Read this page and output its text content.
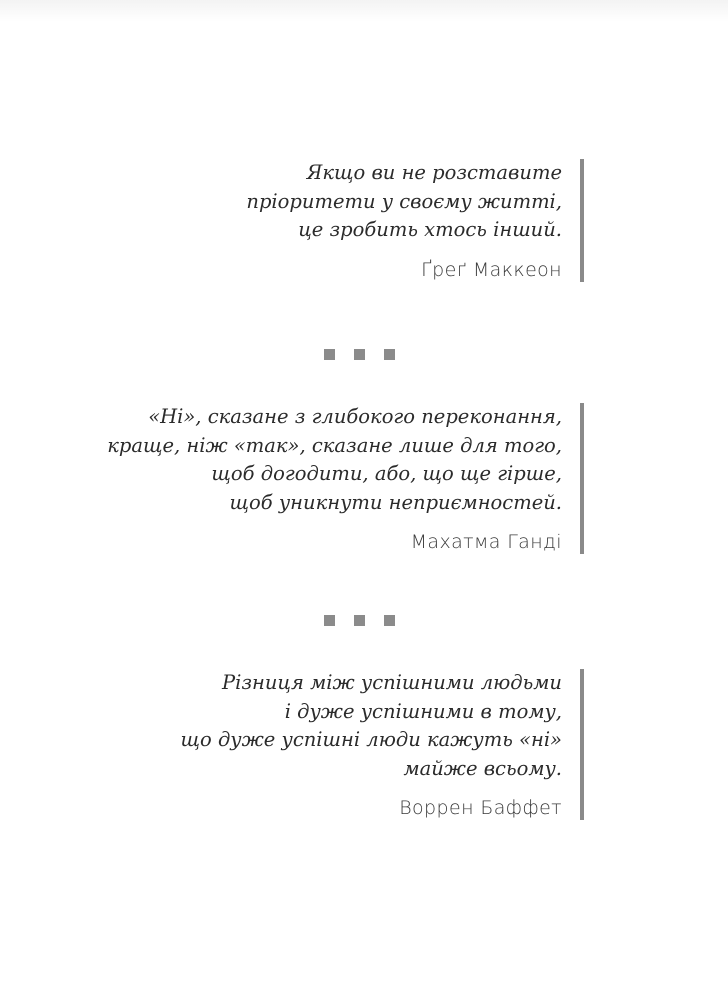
Якщо ви не розставите
пріоритети у своєму житті,
це зробить хтось інший.

Ґреґ Маккеон

«Ні», сказане з глибокого переконання,
краще, ніж «так», сказане лише для того,
щоб догодити, або, що ще гірше,
щоб уникнути неприємностей.

Махатма Ганді

Різниця між успішними людьми
і дуже успішними в тому,
що дуже успішні люди кажуть «ні»
майже всьому.

Воррен Баффет
